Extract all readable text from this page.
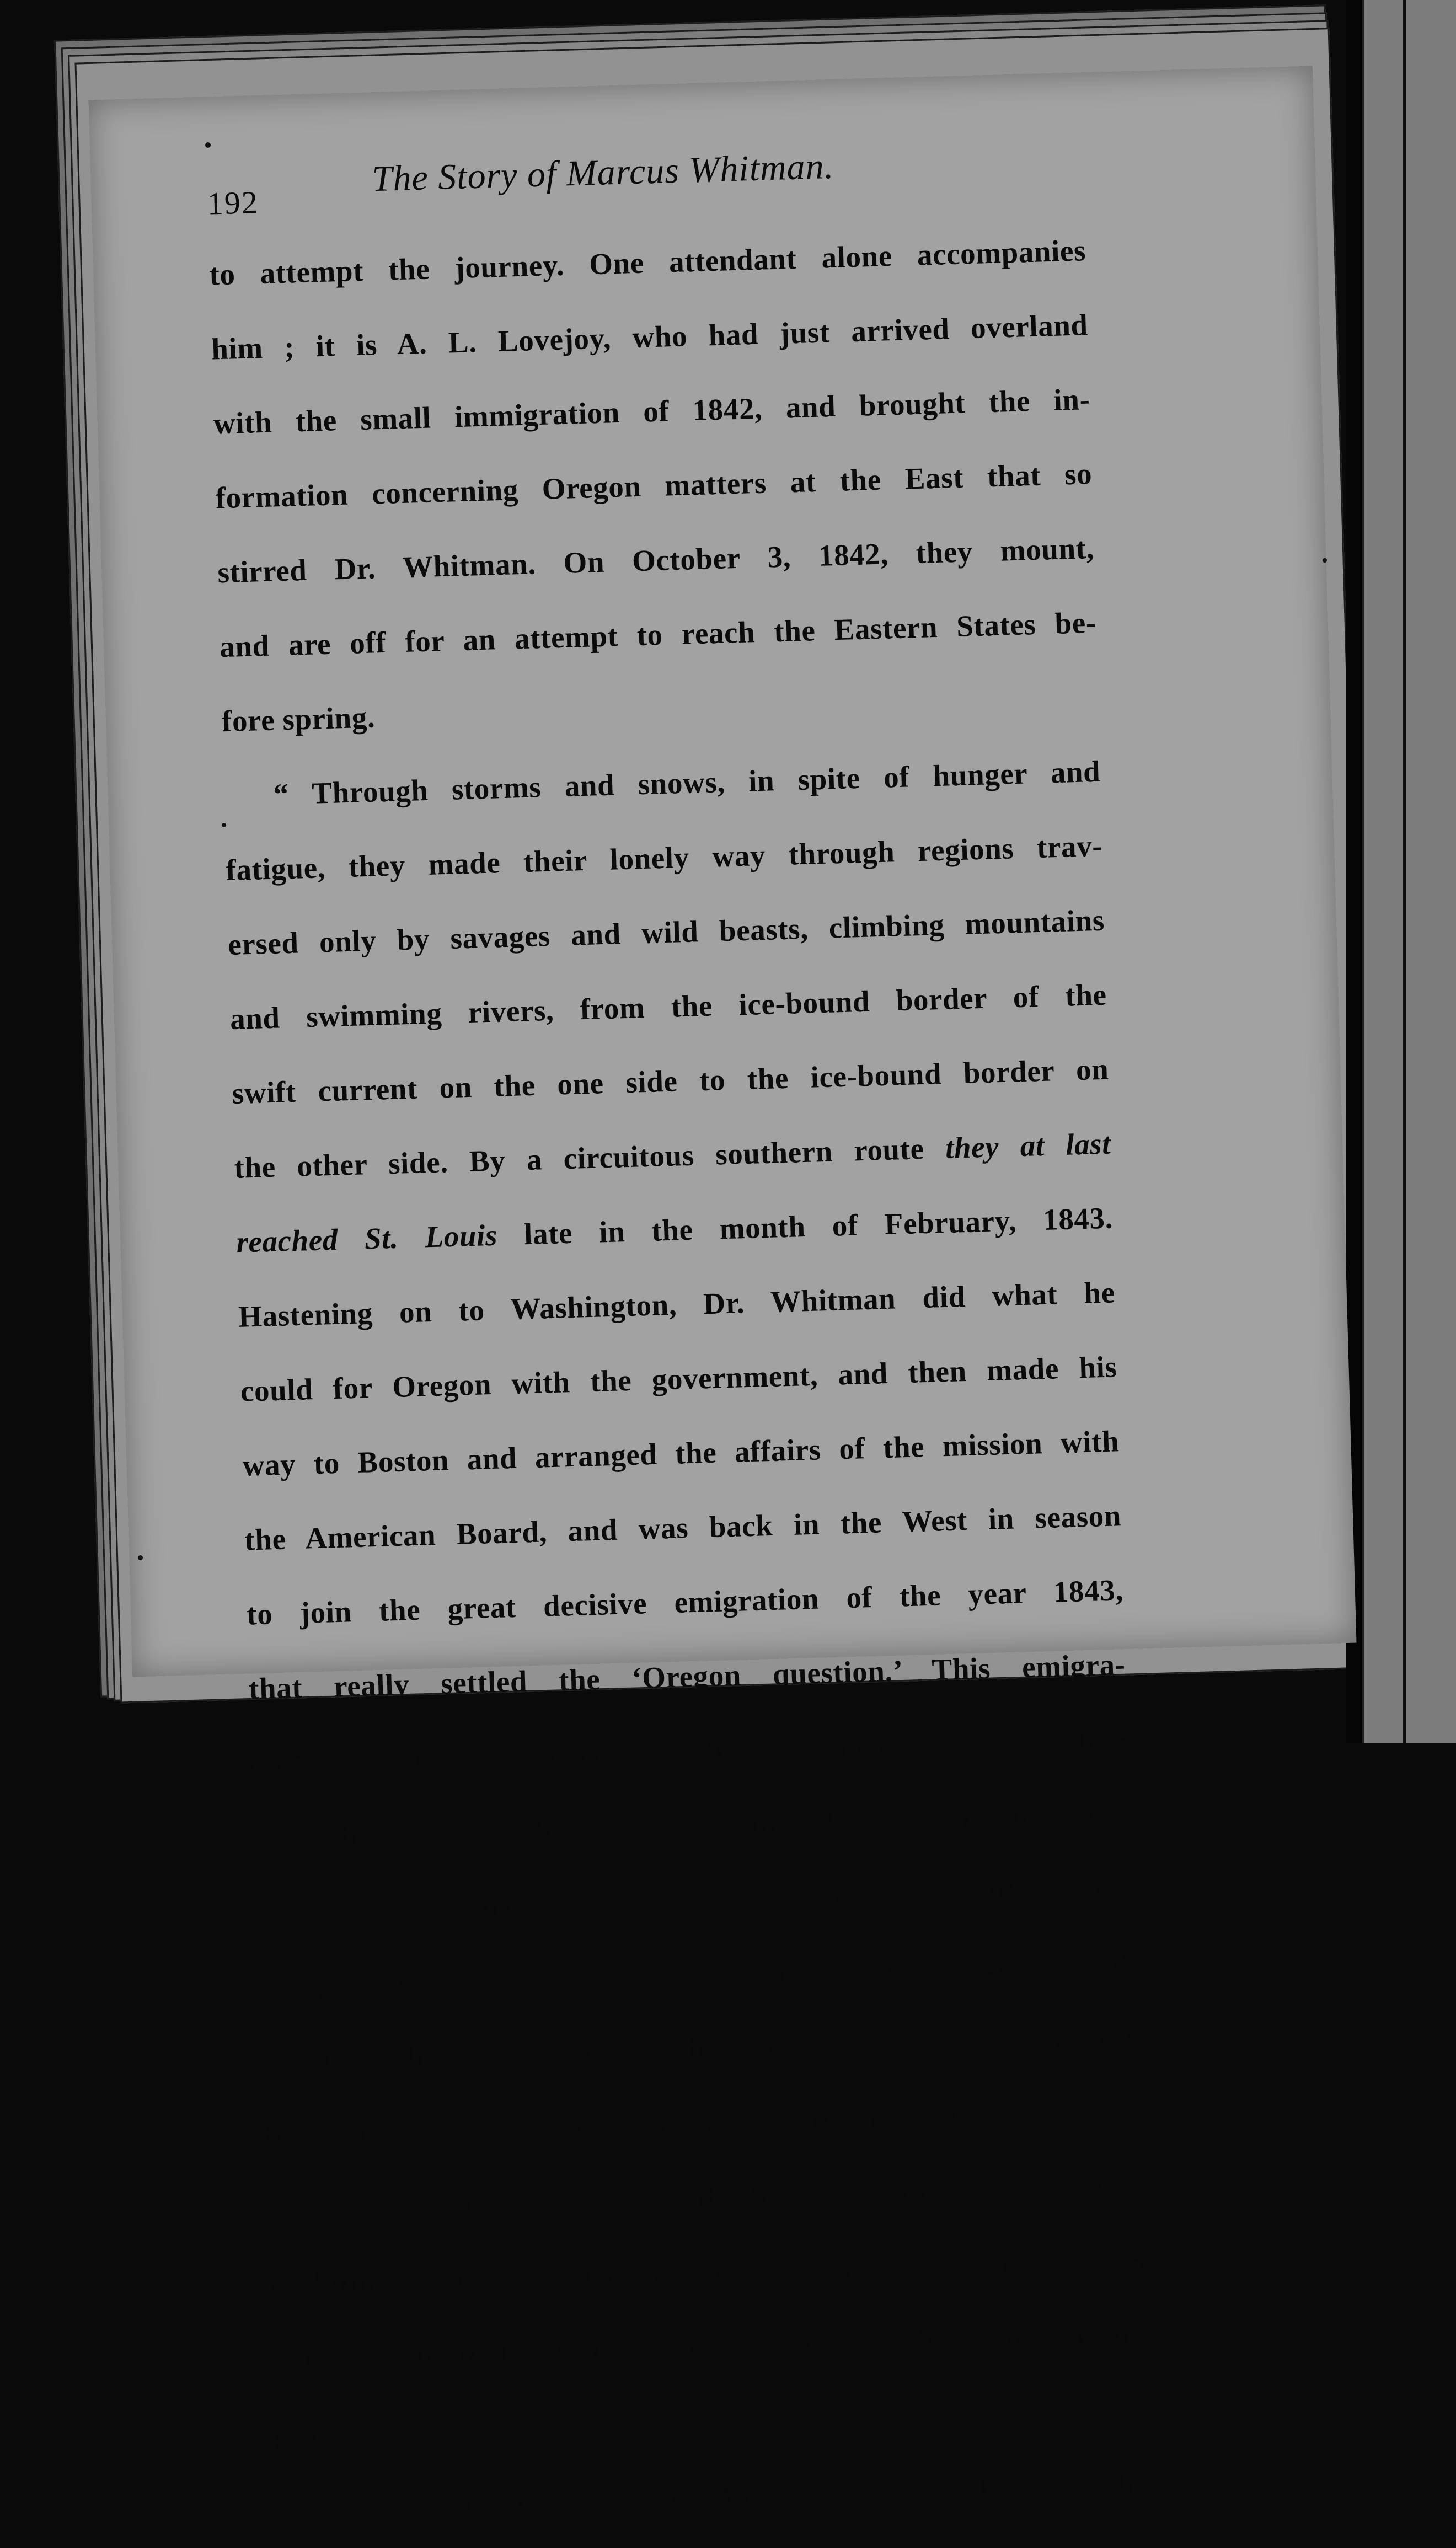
192
The Story of Marcus Whitman.
to attempt the journey. One attendant alone accompanies
him ; it is A. L. Lovejoy, who had just arrived overland
with the small immigration of 1842, and brought the in-
formation concerning Oregon matters at the East that so
stirred Dr. Whitman. On October 3, 1842, they mount,
and are off for an attempt to reach the Eastern States be-
fore spring.
“ Through storms and snows, in spite of hunger and
fatigue, they made their lonely way through regions trav-
ersed only by savages and wild beasts, climbing mountains
and swimming rivers, from the ice-bound border of the
swift current on the one side to the ice-bound border on
the other side. By a circuitous southern route they at last
reached St. Louis late in the month of February, 1843.
Hastening on to Washington, Dr. Whitman did what he
could for Oregon with the government, and then made his
way to Boston and arranged the affairs of the mission with
the American Board, and was back in the West in season
to join the great decisive emigration of the year 1843,
that really settled the ‘Oregon question.’ This emigra-
tion consisted of nearly a thousand persons. Dr. Whit-
man did all that he possibly could, by speech and pen,
during the short time he was East, to stimulate the
emigration and awaken an interest in Oregon. And,
although he found that the actual settlement of the
boundary line between England and the United States
was not as near as he had been led to suppose, the
preliminary step toward it was soon taken, by the year’s
notice given in 1844 of the termination of the ‘ joint occu-
pation.’ ”
Of Dr. Whitman’s services to the cause while at Wash-
